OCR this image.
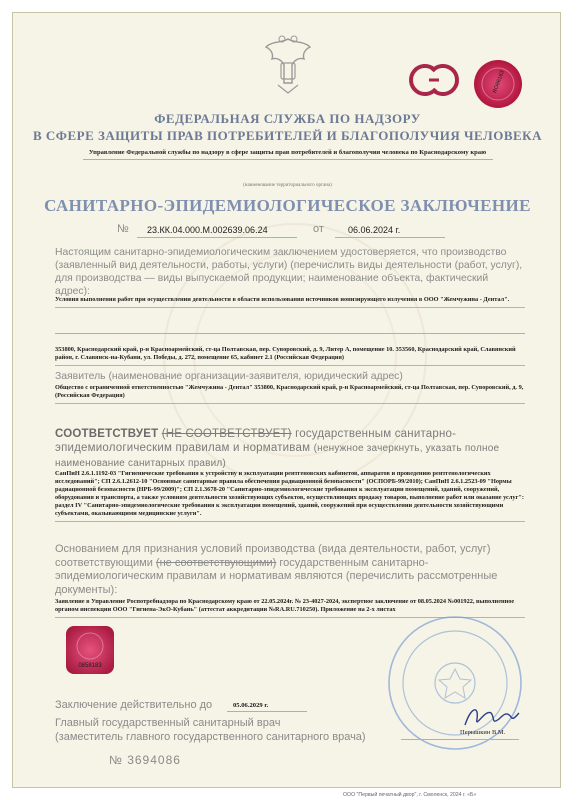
RO86163
ФЕДЕРАЛЬНАЯ СЛУЖБА ПО НАДЗОРУ
В СФЕРЕ ЗАЩИТЫ ПРАВ ПОТРЕБИТЕЛЕЙ И БЛАГОПОЛУЧИЯ ЧЕЛОВЕКА
Управление Федеральной службы по надзору в сфере защиты прав потребителей и благополучия человека по Краснодарскому краю
(наименование территориального органа)
САНИТАРНО-ЭПИДЕМИОЛОГИЧЕСКОЕ ЗАКЛЮЧЕНИЕ
№ 23.КК.04.000.М.002639.06.24	от	06.06.2024 г.
Настоящим санитарно-эпидемиологическим заключением удостоверяется, что производство (заявленный вид деятельности, работы, услуги) (перечислить виды деятельности (работ, услуг), для производства — виды выпускаемой продукции; наименование объекта, фактический адрес):
Условия выполнения работ при осуществлении деятельности в области использования источников ионизирующего излучения в ООО "Жемчужина - Дентал".
353800, Краснодарский край, р-н Красноармейский, ст-ца Полтавская, пер. Суворовский, д. 9, Литер А, помещение 10. 353560, Краснодарский край, Славянский район, г. Славянск-на-Кубани, ул. Победы, д. 272, помещение 65, кабинет 2.1 (Российская Федерация)
Заявитель (наименование организации-заявителя, юридический адрес)
Общество с ограниченной ответственностью "Жемчужина - Дентал" 353800, Краснодарский край, р-н Красноармейский, ст-ца Полтавская, пер. Суворовский, д. 9, (Российская Федерация)
СООТВЕТСТВУЕТ (НЕ СООТВЕТСТВУЕТ) государственным санитарно-эпидемиологическим правилам и нормативам (ненужное зачеркнуть, указать полное наименование санитарных правил)
СанПиН 2.6.1.1192-03 "Гигиенические требования к устройству и эксплуатации рентгеновских кабинетов, аппаратов и проведению рентгенологических исследований"; СП 2.6.1.2612-10 "Основные санитарные правила обеспечения радиационной безопасности" (ОСПОРБ-99/2010); СанПиН 2.6.1.2523-09 "Нормы радиационной безопасности (НРБ-99/2009)"; СП 2.1.3678-20 "Санитарно-эпидемиологические требования к эксплуатации помещений, зданий, сооружений, оборудования и транспорта, а также условиям деятельности хозяйствующих субъектов, осуществляющих продажу товаров, выполнение работ или оказание услуг": раздел IV "Санитарно-эпидемиологические требования к эксплуатации помещений, зданий, сооружений при осуществлении деятельности хозяйствующими субъектами, оказывающими медицинские услуги".
Основанием для признания условий производства (вида деятельности, работ, услуг) соответствующими (не соответствующими) государственным санитарно-эпидемиологическим правилам и нормативам являются (перечислить рассмотренные документы):
Заявление в Управление Роспотребнадзора по Краснодарскому краю от 22.05.2024г. № 23-4027-2024, экспертное заключение от 08.05.2024 №001922, выполненное органом инспекции ООО "Гигиена-ЭкО-Кубань" (аттестат аккредитации №RA.RU.710250). Приложение на 2-х листах
0858183
Заключение действительно до	05.06.2029 г.
Главный государственный санитарный врач
(заместитель главного государственного санитарного врача)	Перышкин В.М.
№ 3694086
ООО "Первый печатный двор", г. Смоленск, 2024 г. «Б»
